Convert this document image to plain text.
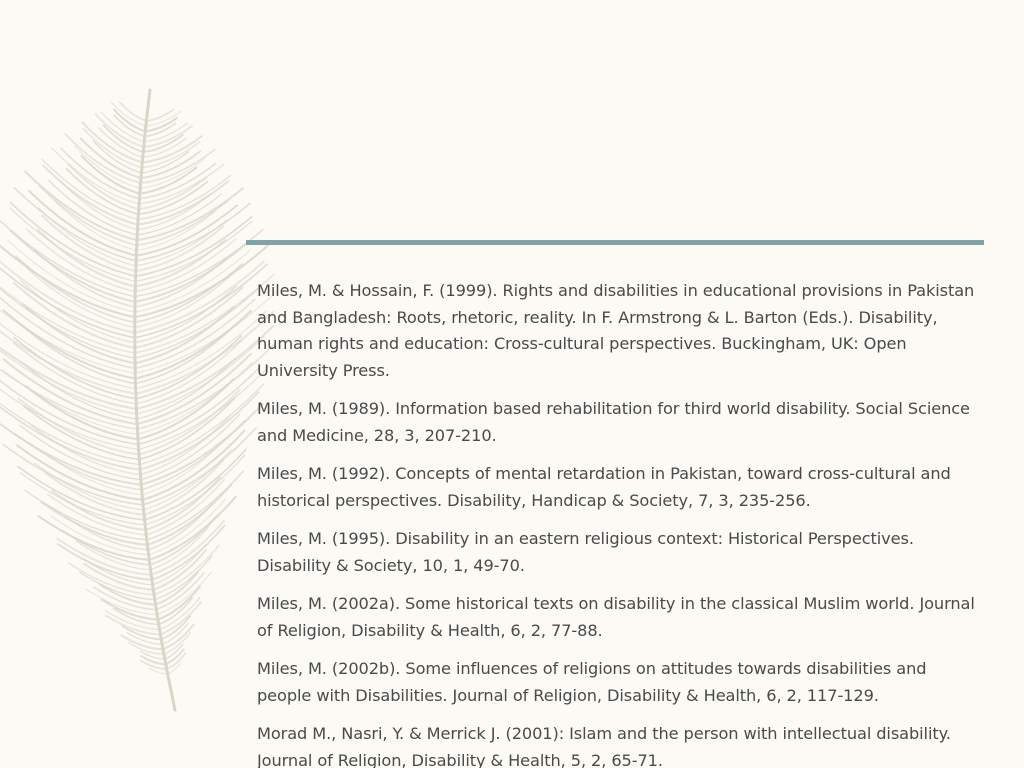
Miles, M. & Hossain, F. (1999). Rights and disabilities in educational provisions in Pakistan and Bangladesh: Roots, rhetoric, reality. In F. Armstrong & L. Barton (Eds.). Disability, human rights and education: Cross-cultural perspectives. Buckingham, UK: Open University Press.
Miles, M. (1989). Information based rehabilitation for third world disability. Social Science and Medicine, 28, 3, 207-210.
Miles, M. (1992). Concepts of mental retardation in Pakistan, toward cross-cultural and historical perspectives. Disability, Handicap & Society, 7, 3, 235-256.
Miles, M. (1995). Disability in an eastern religious context: Historical Perspectives. Disability & Society, 10, 1, 49-70.
Miles, M. (2002a). Some historical texts on disability in the classical Muslim world. Journal of Religion, Disability & Health, 6, 2, 77-88.
Miles, M. (2002b). Some influences of religions on attitudes towards disabilities and people with Disabilities. Journal of Religion, Disability & Health, 6, 2, 117-129.
Morad M., Nasri, Y. & Merrick J. (2001): Islam and the person with intellectual disability. Journal of Religion, Disability & Health, 5, 2, 65-71.
